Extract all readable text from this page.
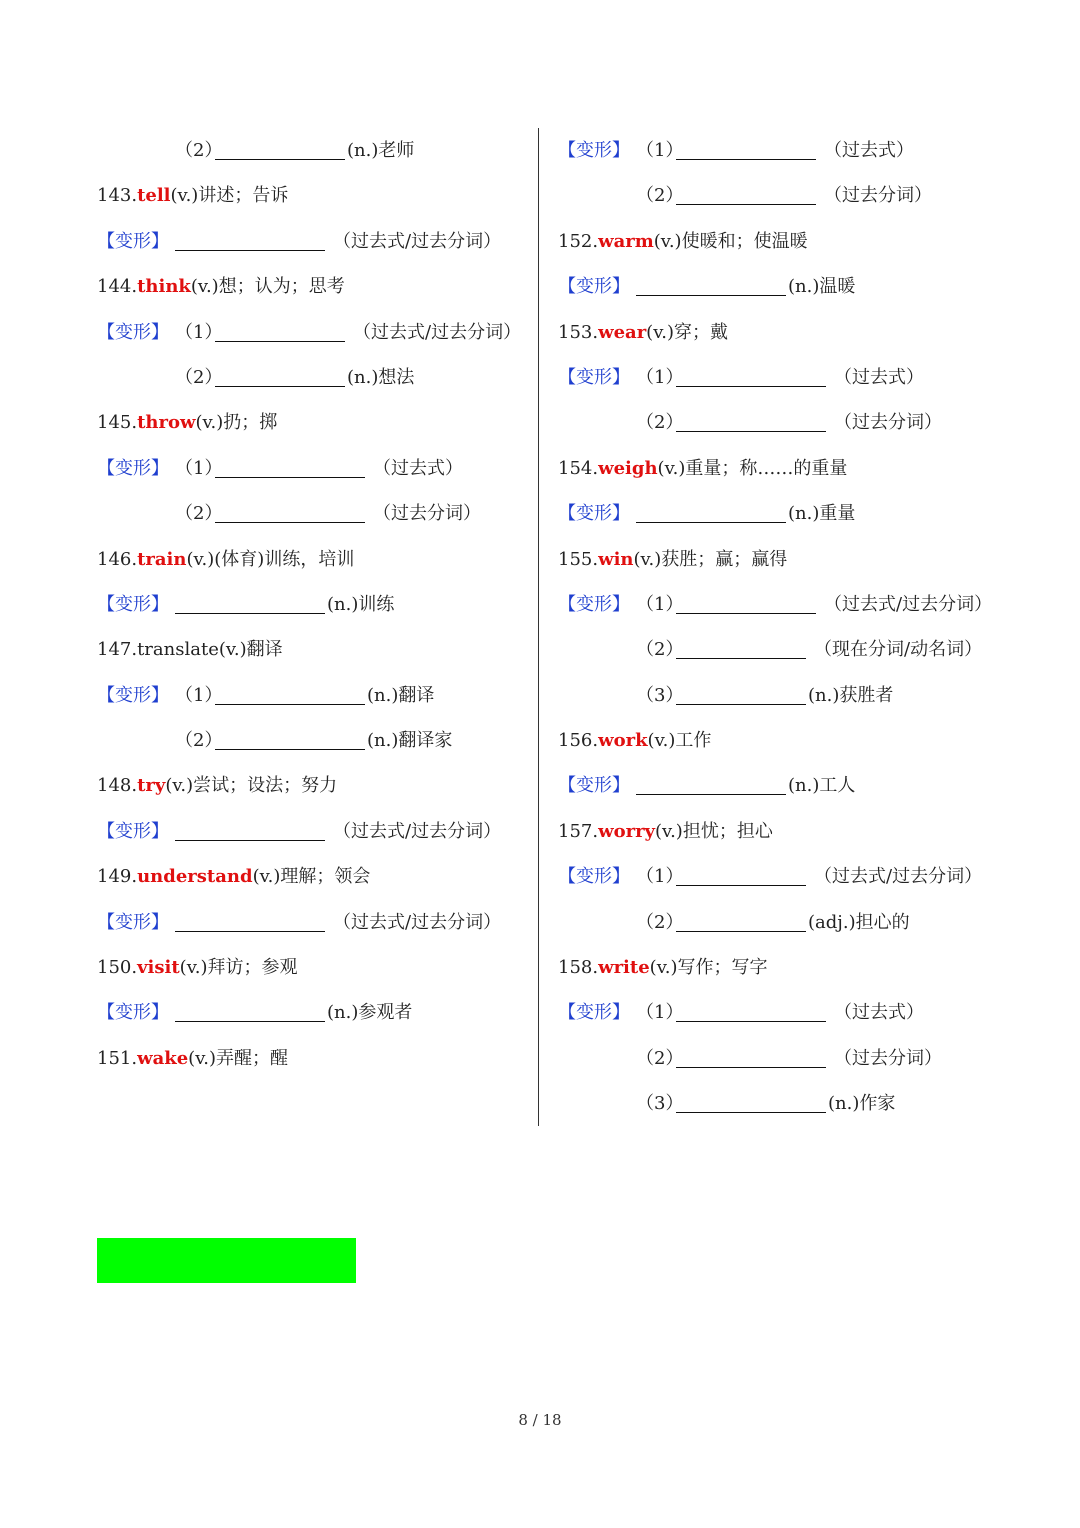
（2）	(n.)老师
143.tell(v.)讲述；告诉
【变形】	（过去式/过去分词）
144.think(v.)想；认为；思考
【变形】 （1）	（过去式/过去分词）
（2）	(n.)想法
145.throw(v.)扔；掷
【变形】 （1）	（过去式）
（2）	（过去分词）
146.train(v.)(体育)训练，培训
【变形】	(n.)训练
147.translate(v.)翻译
【变形】 （1）	(n.)翻译
（2）	(n.)翻译家
148.try(v.)尝试；设法；努力
【变形】	（过去式/过去分词）
149.understand(v.)理解；领会
【变形】	（过去式/过去分词）
150.visit(v.)拜访；参观
【变形】	(n.)参观者
151.wake(v.)弄醒；醒
【变形】 （1）	（过去式）
（2）	（过去分词）
152.warm(v.)使暖和；使温暖
【变形】	(n.)温暖
153.wear(v.)穿；戴
【变形】 （1）	（过去式）
（2）	（过去分词）
154.weigh(v.)重量；称……的重量
【变形】	(n.)重量
155.win(v.)获胜；赢；赢得
【变形】 （1）	（过去式/过去分词）
（2）	（现在分词/动名词）
（3）	(n.)获胜者
156.work(v.)工作
【变形】	(n.)工人
157.worry(v.)担忧；担心
【变形】 （1）	（过去式/过去分词）
（2）	(adj.)担心的
158.write(v.)写作；写字
【变形】 （1）	（过去式）
（2）	（过去分词）
（3）	(n.)作家
8 / 18
